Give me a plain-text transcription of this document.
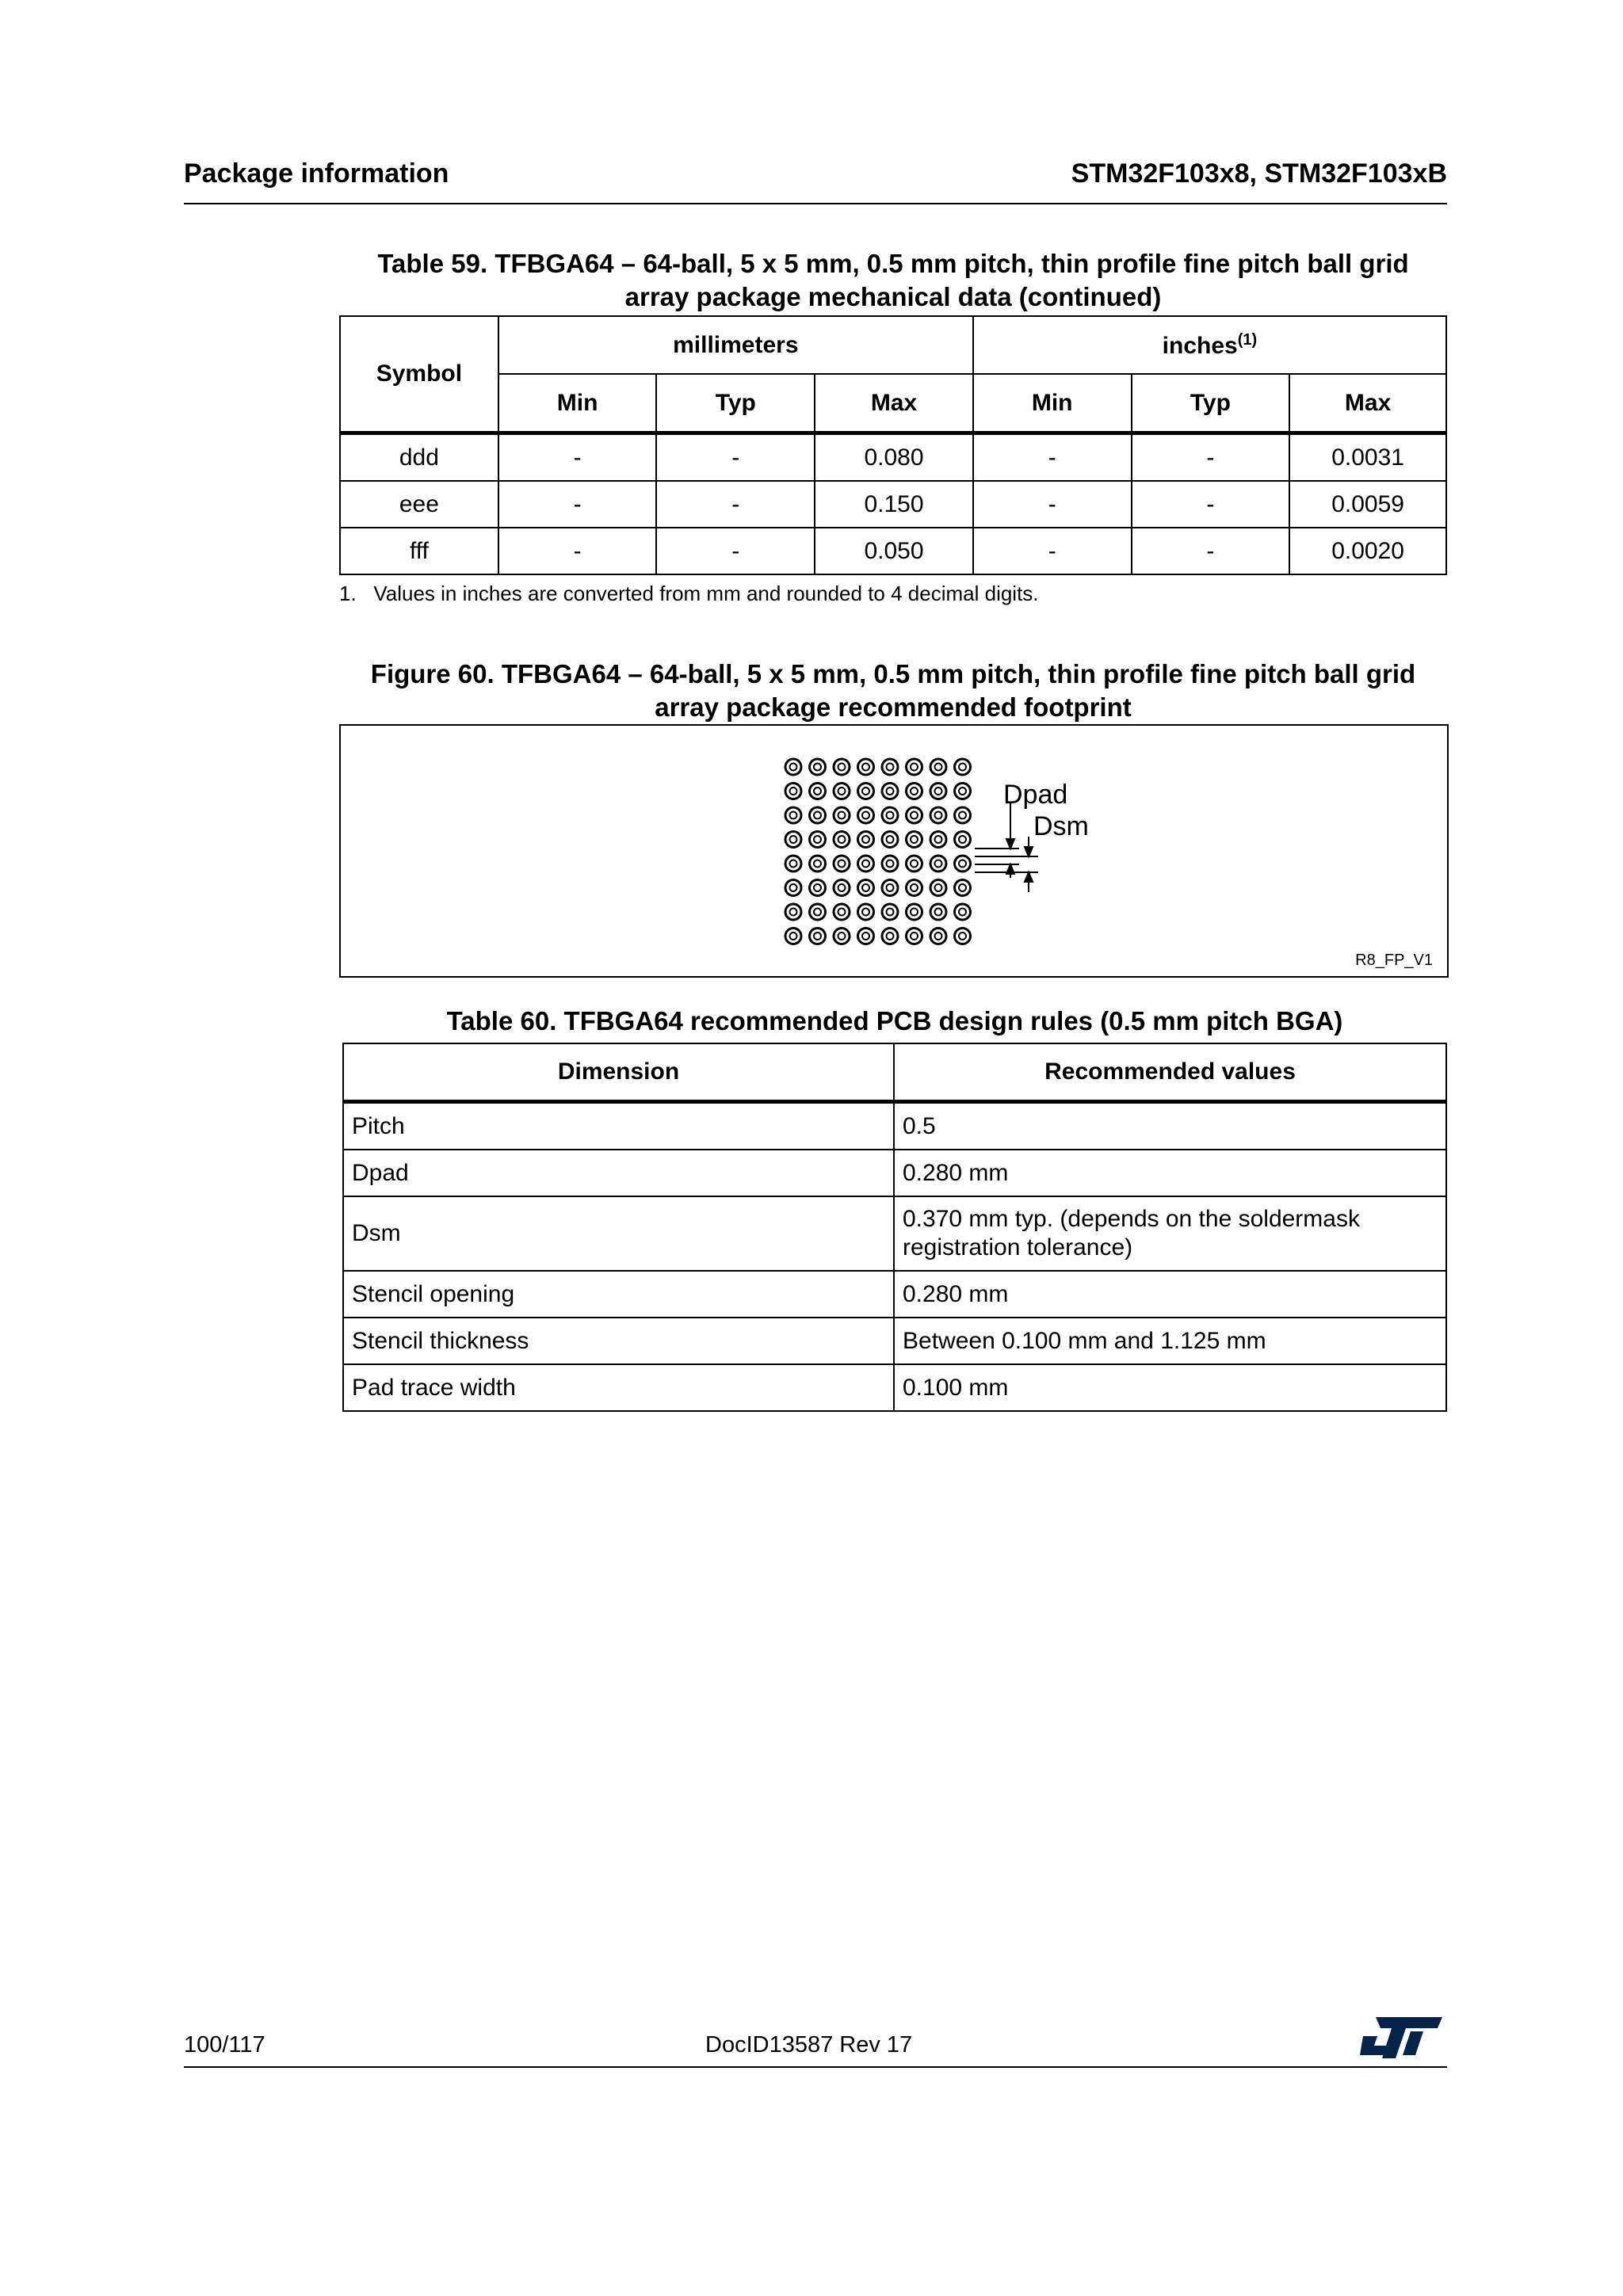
Package information	STM32F103x8, STM32F103xB
Table 59. TFBGA64 – 64-ball, 5 x 5 mm, 0.5 mm pitch, thin profile fine pitch ball grid
array package mechanical data (continued)
Symbol	millimeters			inches$^{(1)}$
	Min	Typ	Max	Min	Typ	Max
ddd	-	-	0.080	-	-	0.0031
eee	-	-	0.150	-	-	0.0059
fff	-	-	0.050	-	-	0.0020
1.   Values in inches are converted from mm and rounded to 4 decimal digits.
Figure 60. TFBGA64 – 64-ball, 5 x 5 mm, 0.5 mm pitch, thin profile fine pitch ball grid
array package recommended footprint
Dpad
Dsm
R8_FP_V1
Table 60. TFBGA64 recommended PCB design rules (0.5 mm pitch BGA)
Dimension	Recommended values
Pitch	0.5
Dpad	0.280 mm
Dsm	0.370 mm typ. (depends on the soldermask registration tolerance)
Stencil opening	0.280 mm
Stencil thickness	Between 0.100 mm and 1.125 mm
Pad trace width	0.100 mm
100/117	DocID13587 Rev 17
